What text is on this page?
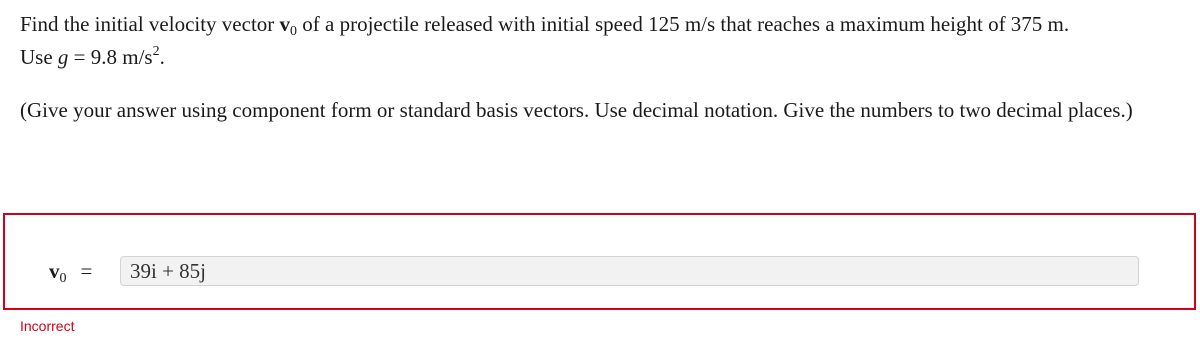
Find the initial velocity vector $v_0$ of a projectile released with initial speed 125 m/s that reaches a maximum height of 375 m.
Use g = 9.8 $m/s^2$.

(Give your answer using component form or standard basis vectors. Use decimal notation. Give the numbers to two decimal places.)

$v_0$ =	39i + 85j
Incorrect
